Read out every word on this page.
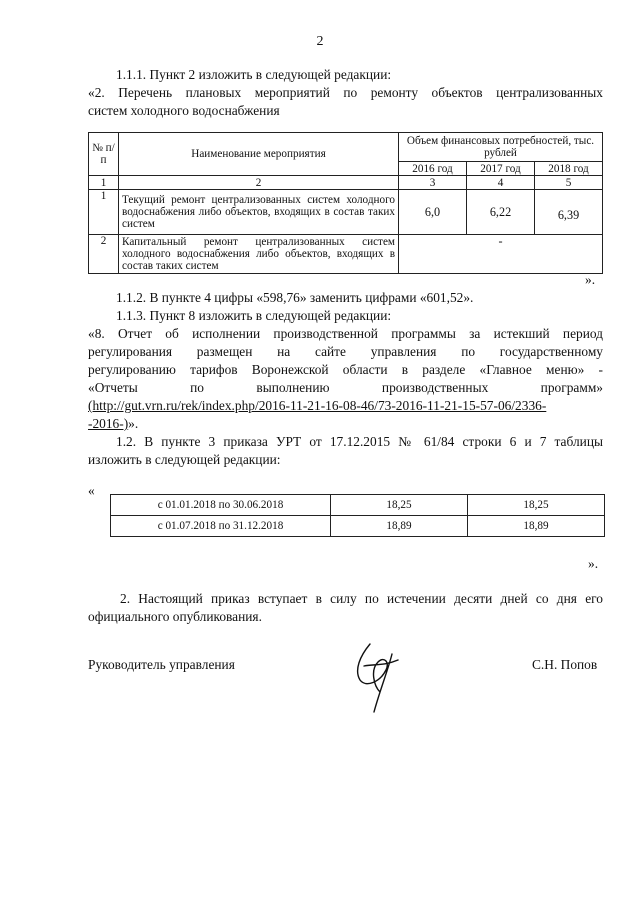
2
1.1.1. Пункт 2 изложить в следующей редакции:
«2. Перечень плановых мероприятий по ремонту объектов централизованных
систем холодного водоснабжения
№ п/п	Наименование мероприятия	Объем финансовых потребностей, тыс. рублей		
		2016 год	2017 год	2018 год
1	2	3	4	5
1	Текущий ремонт централизованных систем холодного водоснабжения либо объектов, входящих в состав таких систем	6,0	6,22	6,39
2	Капитальный ремонт централизованных систем холодного водоснабжения либо объектов, входящих в состав таких систем	-		
».
1.1.2. В пункте 4 цифры «598,76» заменить цифрами «601,52».
1.1.3. Пункт 8 изложить в следующей редакции:
«8. Отчет об исполнении производственной программы за истекший период
регулирования размещен на сайте управления по государственному
регулированию тарифов Воронежской области в разделе «Главное меню» -
«Отчеты по выполнению производственных программ»
(http://gut.vrn.ru/rek/index.php/2016-11-21-16-08-46/73-2016-11-21-15-57-06/2336-
-2016-)».
1.2. В пункте 3 приказа УРТ от 17.12.2015 № 61/84 строки 6 и 7 таблицы
изложить в следующей редакции:
«
с 01.01.2018 по 30.06.2018	18,25	18,25
с 01.07.2018 по 31.12.2018	18,89	18,89
».
2. Настоящий приказ вступает в силу по истечении десяти дней со дня его
официального опубликования.
Руководитель управления	С.Н. Попов
